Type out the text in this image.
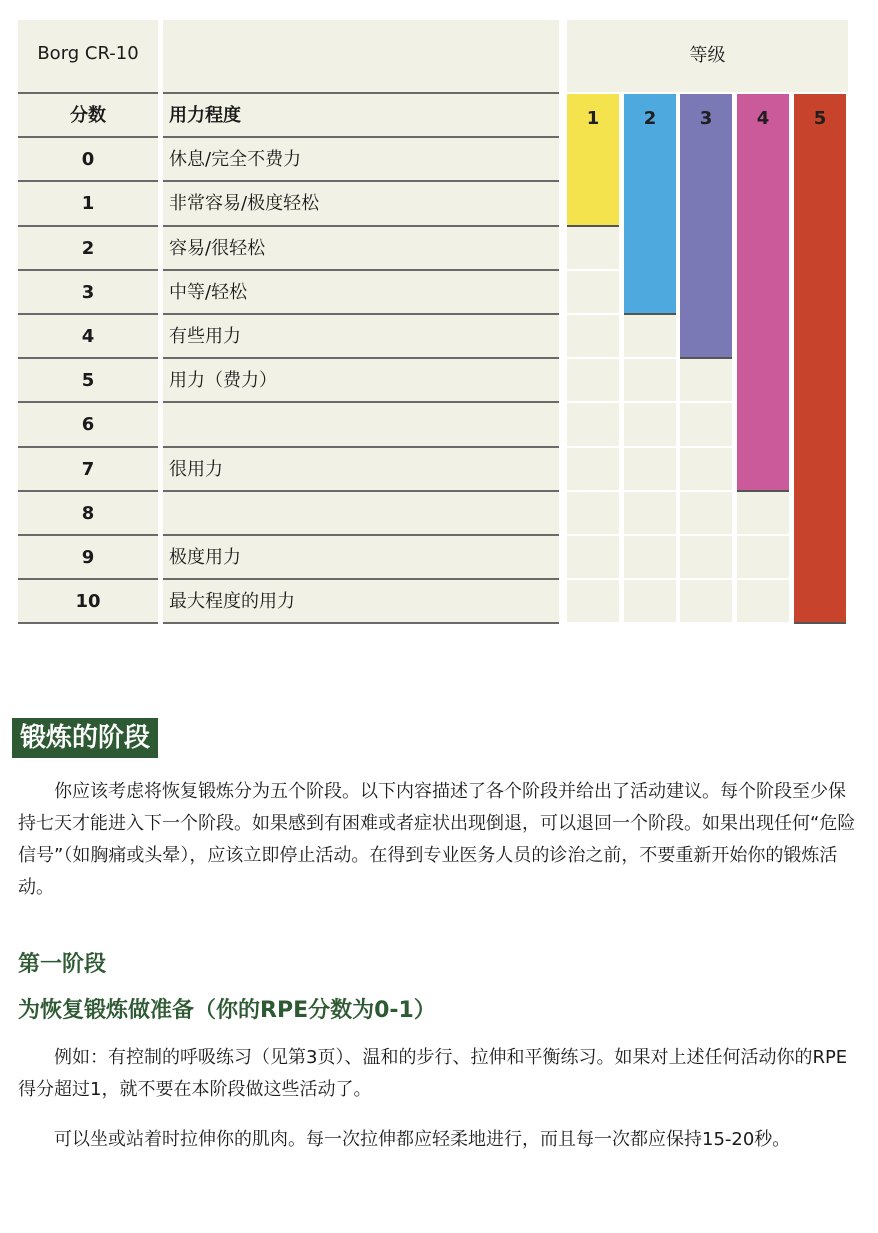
Borg CR-10	等级
分数	用力程度
0	休息/完全不费力
1	非常容易/极度轻松
2	容易/很轻松
3	中等/轻松
4	有些用力
5	用力（费力）
6
7	很用力
8
9	极度用力
10	最大程度的用力
1	2	3	4	5
锻炼的阶段
你应该考虑将恢复锻炼分为五个阶段。以下内容描述了各个阶段并给出了活动建议。每个阶段至少保持七天才能进入下一个阶段。如果感到有困难或者症状出现倒退，可以退回一个阶段。如果出现任何“危险信号”（如胸痛或头晕），应该立即停止活动。在得到专业医务人员的诊治之前，不要重新开始你的锻炼活动。
第一阶段
为恢复锻炼做准备（你的RPE分数为0-1）
例如：有控制的呼吸练习（见第3页）、温和的步行、拉伸和平衡练习。如果对上述任何活动你的RPE得分超过1，就不要在本阶段做这些活动了。
可以坐或站着时拉伸你的肌肉。每一次拉伸都应轻柔地进行，而且每一次都应保持15-20秒。
